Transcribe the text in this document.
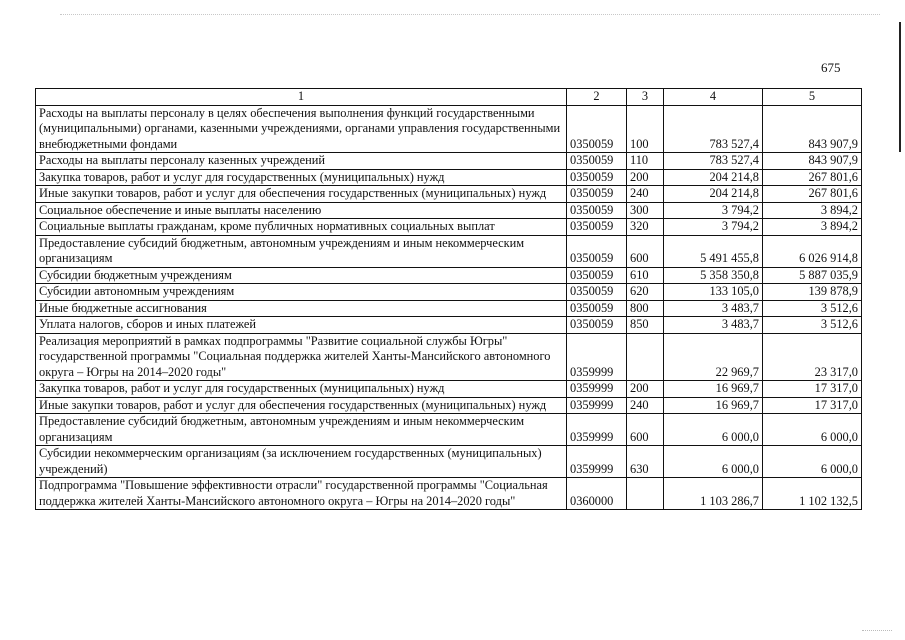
675
1	2	3	4	5
Расходы на выплаты персоналу в целях обеспечения выполнения функций государственными (муниципальными) органами, казенными учреждениями, органами управления государственными внебюджетными фондами	0350059	100	783 527,4	843 907,9
Расходы на выплаты персоналу казенных учреждений	0350059	110	783 527,4	843 907,9
Закупка товаров, работ и услуг для государственных (муниципальных) нужд	0350059	200	204 214,8	267 801,6
Иные закупки товаров, работ и услуг для обеспечения государственных (муниципальных) нужд	0350059	240	204 214,8	267 801,6
Социальное обеспечение и иные выплаты населению	0350059	300	3 794,2	3 894,2
Социальные выплаты гражданам, кроме публичных нормативных социальных выплат	0350059	320	3 794,2	3 894,2
Предоставление субсидий бюджетным, автономным учреждениям и иным некоммерческим организациям	0350059	600	5 491 455,8	6 026 914,8
Субсидии бюджетным учреждениям	0350059	610	5 358 350,8	5 887 035,9
Субсидии автономным учреждениям	0350059	620	133 105,0	139 878,9
Иные бюджетные ассигнования	0350059	800	3 483,7	3 512,6
Уплата налогов, сборов и иных платежей	0350059	850	3 483,7	3 512,6
Реализация мероприятий в рамках подпрограммы "Развитие социальной службы Югры" государственной программы "Социальная поддержка жителей Ханты-Мансийского автономного округа – Югры на 2014–2020 годы"	0359999		22 969,7	23 317,0
Закупка товаров, работ и услуг для государственных (муниципальных) нужд	0359999	200	16 969,7	17 317,0
Иные закупки товаров, работ и услуг для обеспечения государственных (муниципальных) нужд	0359999	240	16 969,7	17 317,0
Предоставление субсидий бюджетным, автономным учреждениям и иным некоммерческим организациям	0359999	600	6 000,0	6 000,0
Субсидии некоммерческим организациям (за исключением государственных (муниципальных) учреждений)	0359999	630	6 000,0	6 000,0
Подпрограмма "Повышение эффективности отрасли" государственной программы "Социальная поддержка жителей Ханты-Мансийского автономного округа – Югры на 2014–2020 годы"	0360000		1 103 286,7	1 102 132,5
